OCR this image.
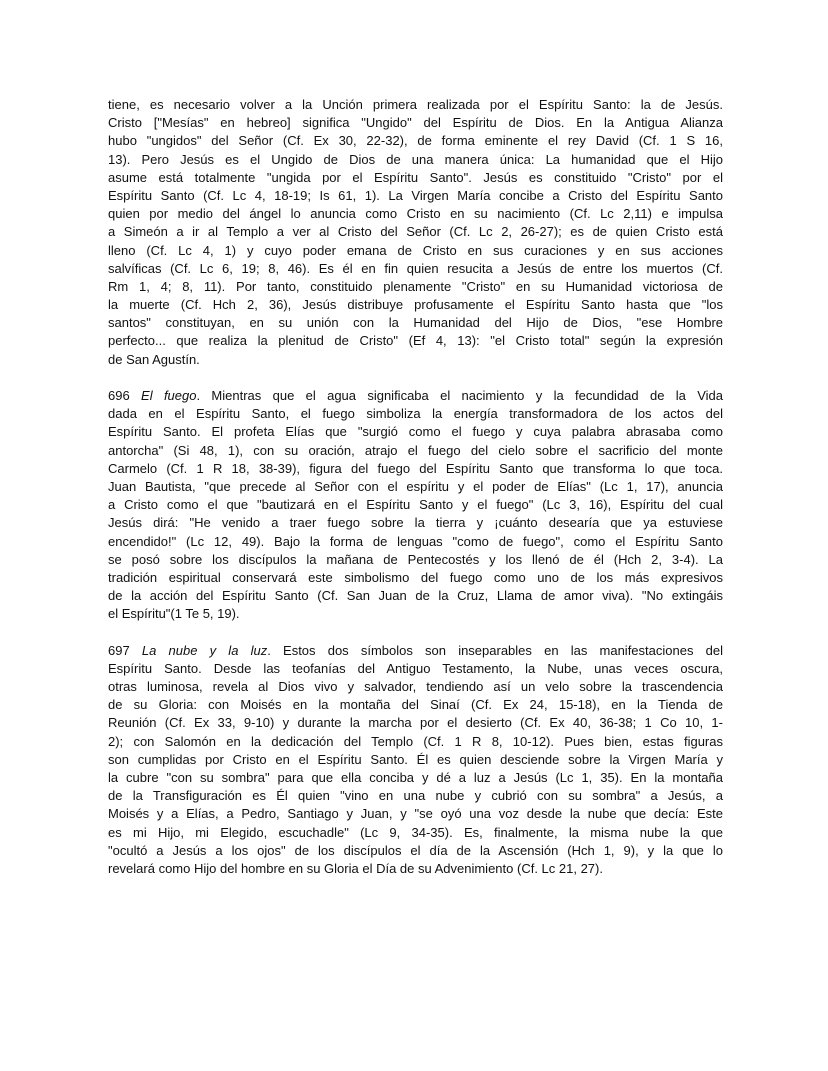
tiene, es necesario volver a la Unción primera realizada por el Espíritu Santo: la de Jesús.
Cristo ["Mesías" en hebreo] significa "Ungido" del Espíritu de Dios. En la Antigua Alianza
hubo "ungidos" del Señor (Cf. Ex 30, 22-32), de forma eminente el rey David (Cf. 1 S 16,
13). Pero Jesús es el Ungido de Dios de una manera única: La humanidad que el Hijo
asume está totalmente "ungida por el Espíritu Santo". Jesús es constituido "Cristo" por el
Espíritu Santo (Cf. Lc 4, 18-19; Is 61, 1). La Virgen María concibe a Cristo del Espíritu Santo
quien por medio del ángel lo anuncia como Cristo en su nacimiento (Cf. Lc 2,11) e impulsa
a Simeón a ir al Templo a ver al Cristo del Señor (Cf. Lc 2, 26-27); es de quien Cristo está
lleno (Cf. Lc 4, 1) y cuyo poder emana de Cristo en sus curaciones y en sus acciones
salvíficas (Cf. Lc 6, 19; 8, 46). Es él en fin quien resucita a Jesús de entre los muertos (Cf.
Rm 1, 4; 8, 11). Por tanto, constituido plenamente "Cristo" en su Humanidad victoriosa de
la muerte (Cf. Hch 2, 36), Jesús distribuye profusamente el Espíritu Santo hasta que "los
santos" constituyan, en su unión con la Humanidad del Hijo de Dios, "ese Hombre
perfecto... que realiza la plenitud de Cristo" (Ef 4, 13): "el Cristo total" según la expresión
de San Agustín.
696 El fuego. Mientras que el agua significaba el nacimiento y la fecundidad de la Vida
dada en el Espíritu Santo, el fuego simboliza la energía transformadora de los actos del
Espíritu Santo. El profeta Elías que "surgió como el fuego y cuya palabra abrasaba como
antorcha" (Si 48, 1), con su oración, atrajo el fuego del cielo sobre el sacrificio del monte
Carmelo (Cf. 1 R 18, 38-39), figura del fuego del Espíritu Santo que transforma lo que toca.
Juan Bautista, "que precede al Señor con el espíritu y el poder de Elías" (Lc 1, 17), anuncia
a Cristo como el que "bautizará en el Espíritu Santo y el fuego" (Lc 3, 16), Espíritu del cual
Jesús dirá: "He venido a traer fuego sobre la tierra y ¡cuánto desearía que ya estuviese
encendido!" (Lc 12, 49). Bajo la forma de lenguas "como de fuego", como el Espíritu Santo
se posó sobre los discípulos la mañana de Pentecostés y los llenó de él (Hch 2, 3-4). La
tradición espiritual conservará este simbolismo del fuego como uno de los más expresivos
de la acción del Espíritu Santo (Cf. San Juan de la Cruz, Llama de amor viva). "No extingáis
el Espíritu"(1 Te 5, 19).
697 La nube y la luz. Estos dos símbolos son inseparables en las manifestaciones del
Espíritu Santo. Desde las teofanías del Antiguo Testamento, la Nube, unas veces oscura,
otras luminosa, revela al Dios vivo y salvador, tendiendo así un velo sobre la trascendencia
de su Gloria: con Moisés en la montaña del Sinaí (Cf. Ex 24, 15-18), en la Tienda de
Reunión (Cf. Ex 33, 9-10) y durante la marcha por el desierto (Cf. Ex 40, 36-38; 1 Co 10, 1-
2); con Salomón en la dedicación del Templo (Cf. 1 R 8, 10-12). Pues bien, estas figuras
son cumplidas por Cristo en el Espíritu Santo. Él es quien desciende sobre la Virgen María y
la cubre "con su sombra" para que ella conciba y dé a luz a Jesús (Lc 1, 35). En la montaña
de la Transfiguración es Él quien "vino en una nube y cubrió con su sombra" a Jesús, a
Moisés y a Elías, a Pedro, Santiago y Juan, y "se oyó una voz desde la nube que decía: Este
es mi Hijo, mi Elegido, escuchadle" (Lc 9, 34-35). Es, finalmente, la misma nube la que
"ocultó a Jesús a los ojos" de los discípulos el día de la Ascensión (Hch 1, 9), y la que lo
revelará como Hijo del hombre en su Gloria el Día de su Advenimiento (Cf. Lc 21, 27).
